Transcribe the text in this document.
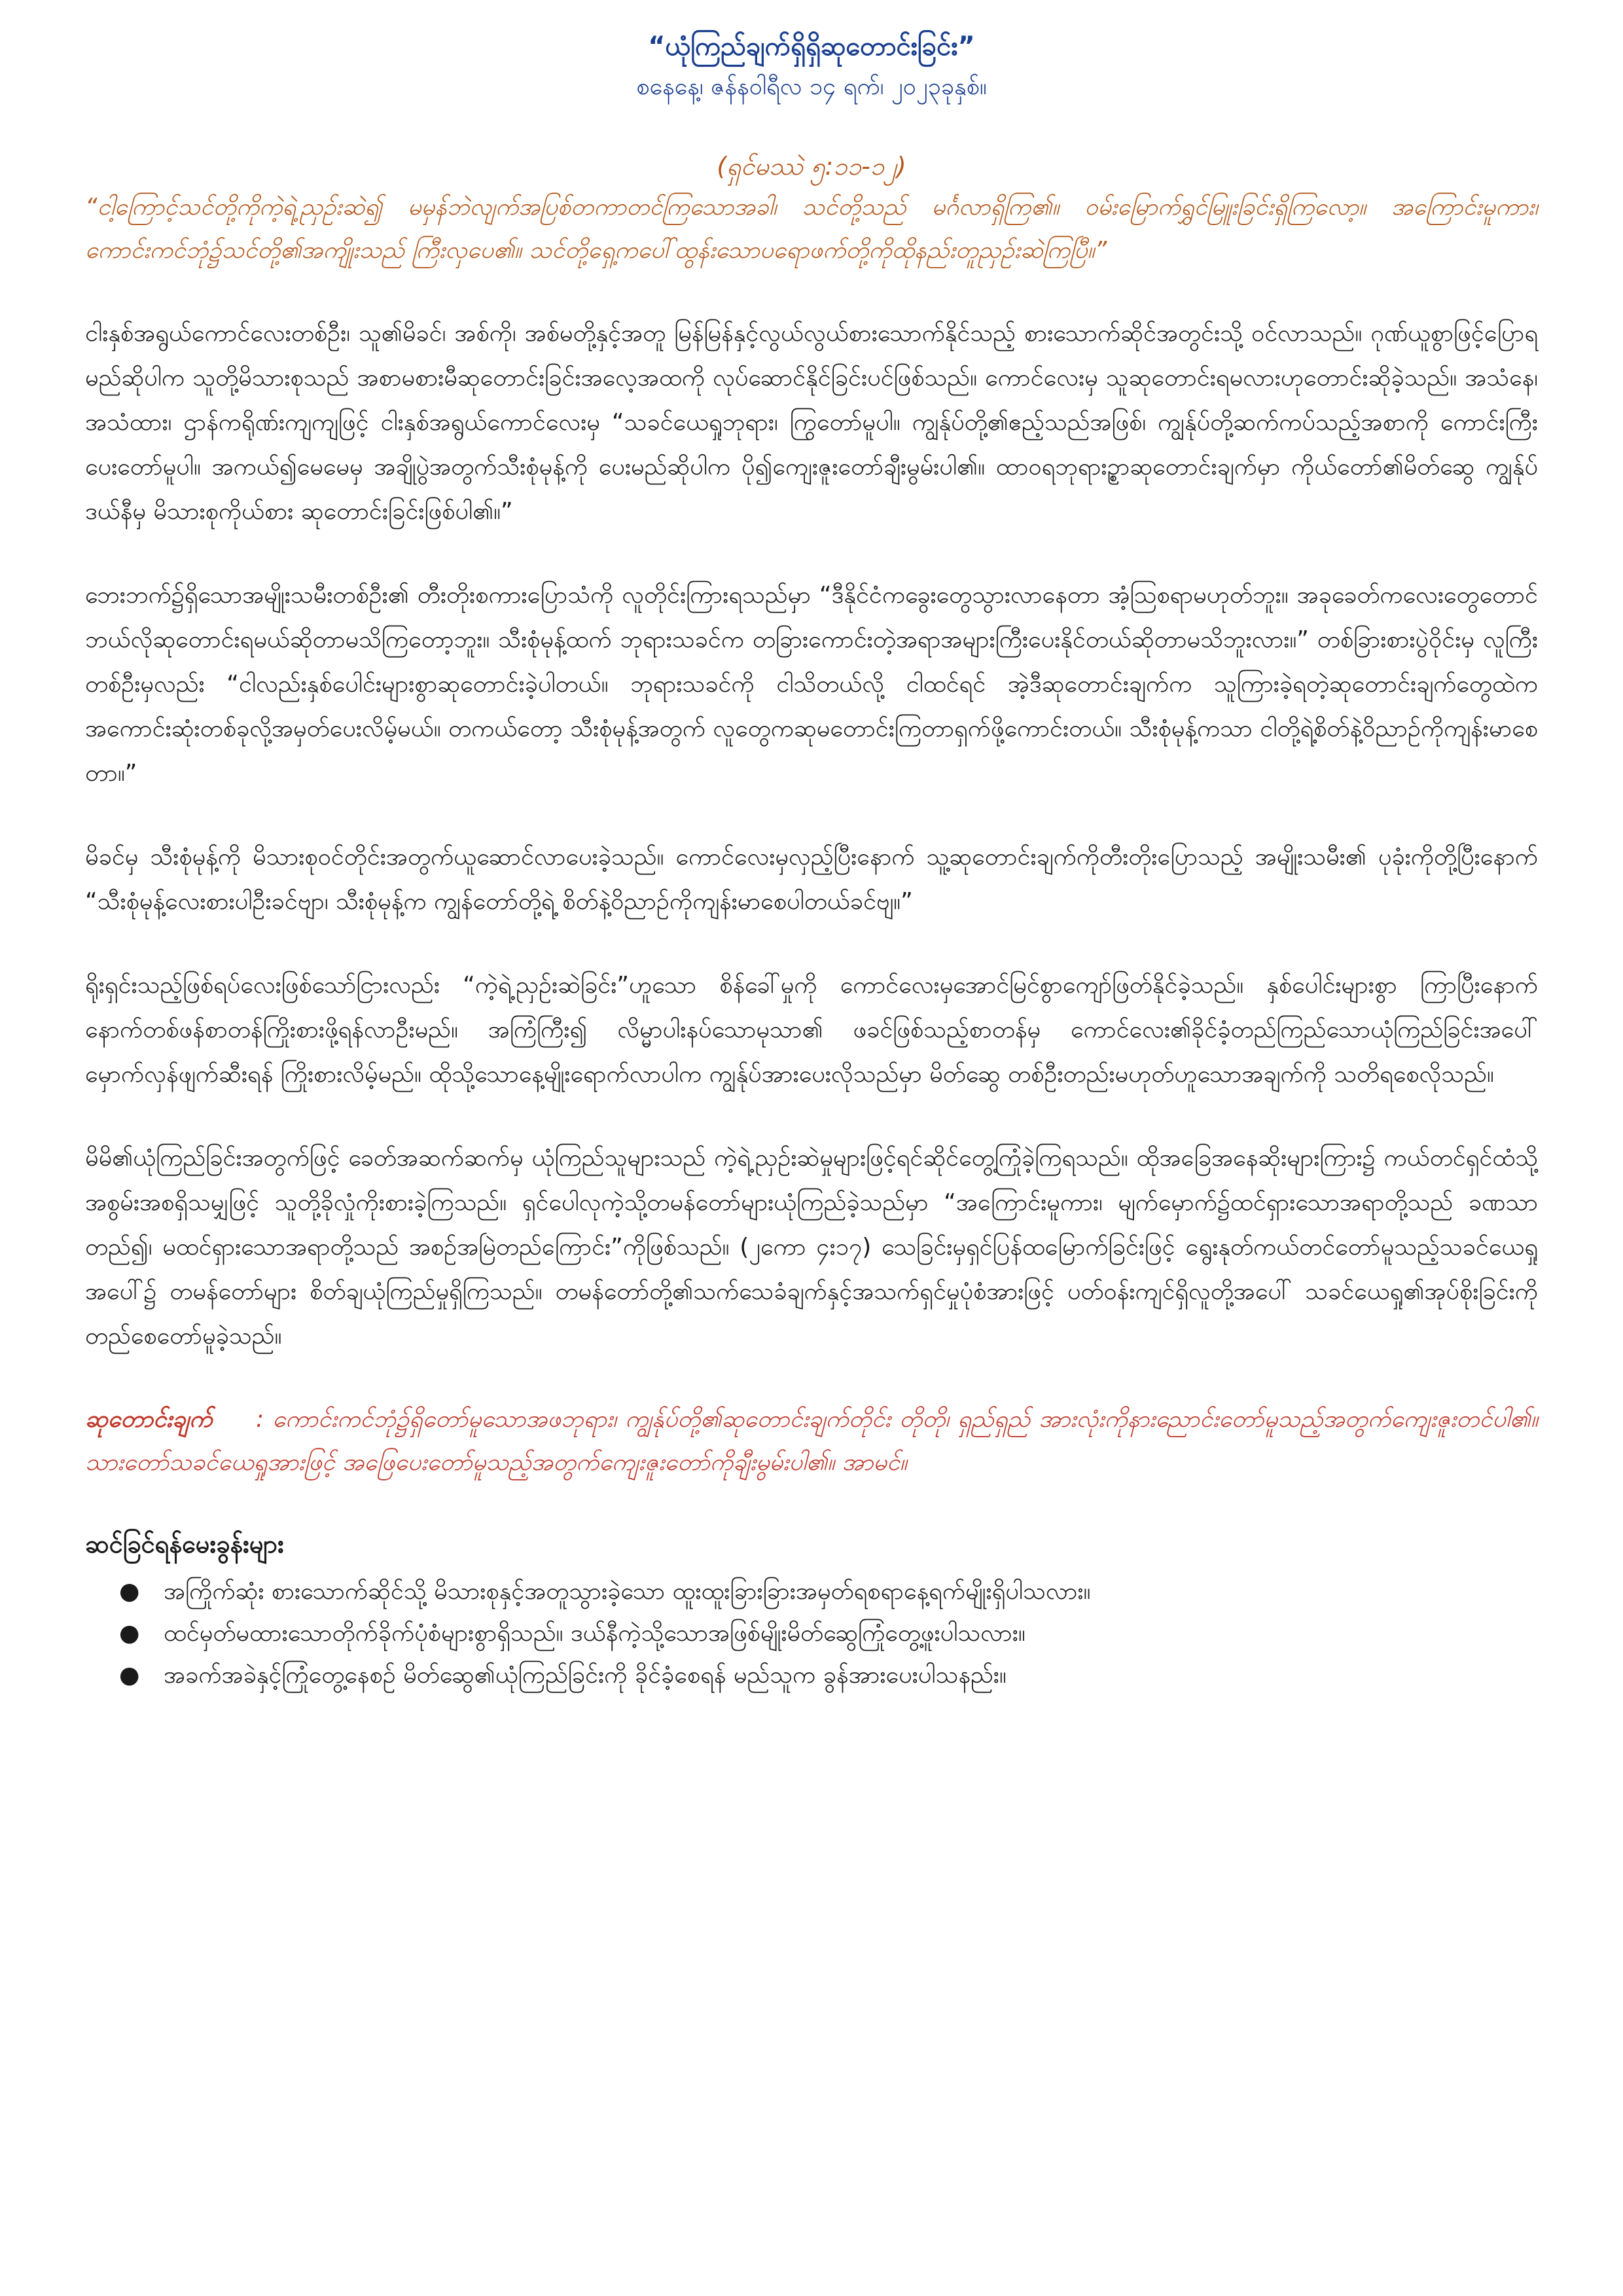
“ယုံကြည်ချက်ရှိရှိဆုတောင်းခြင်း”

စနေနေ့၊ ဇန်နဝါရီလ ၁၄ ရက်၊ ၂၀၂၃ခုနှစ်။

(ရှင်မဿဲ ၅:၁၁-၁၂)

“ငါ့ကြောင့်သင်တို့ကိုကဲ့ရဲ့ညှဉ်းဆဲ၍ မမှန်ဘဲလျက်အပြစ်တကာတင်ကြသောအခါ၊ သင်တို့သည် မင်္ဂလာရှိကြ၏။ ဝမ်းမြောက်ရွှင်မြူးခြင်းရှိကြလော့။ အကြောင်းမူကား၊ ကောင်းကင်ဘုံ၌သင်တို့၏အကျိုးသည် ကြီးလှပေ၏။ သင်တို့ရှေ့ကပေါ်ထွန်းသောပရောဖက်တို့ကိုထိုနည်းတူညှဉ်းဆဲကြပြီ။”

ငါးနှစ်အရွယ်ကောင်လေးတစ်ဦး၊ သူ၏မိခင်၊ အစ်ကို၊ အစ်မတို့နှင့်အတူ မြန်မြန်နှင့်လွယ်လွယ်စားသောက်နိုင်သည့် စားသောက်ဆိုင်အတွင်းသို့ ဝင်လာသည်။ ဂုဏ်ယူစွာဖြင့်ပြောရမည်ဆိုပါက သူတို့မိသားစုသည် အစာမစားမီဆုတောင်းခြင်းအလေ့အထကို လုပ်ဆောင်နိုင်ခြင်းပင်ဖြစ်သည်။ ကောင်လေးမှ သူဆုတောင်းရမလားဟုတောင်းဆိုခဲ့သည်။ အသံနေ၊ အသံထား၊ ဌာန်ကရိုဏ်းကျကျဖြင့် ငါးနှစ်အရွယ်ကောင်လေးမှ “သခင်ယေရှုဘုရား၊ ကြွတော်မူပါ။ ကျွန်ုပ်တို့၏ဧည့်သည်အဖြစ်၊ ကျွန်ုပ်တို့ဆက်ကပ်သည့်အစာကို ကောင်းကြီးပေးတော်မူပါ။ အကယ်၍မေမေမှ အချိုပွဲအတွက်သီးစုံမုန့်ကို ပေးမည်ဆိုပါက ပို၍ကျေးဇူးတော်ချီးမွမ်းပါ၏။ ထာဝရဘုရားဥ္စာဆုတောင်းချက်မှာ ကိုယ်တော်၏မိတ်ဆွေ ကျွန်ုပ်ဒယ်နီမှ မိသားစုကိုယ်စား ဆုတောင်းခြင်းဖြစ်ပါ၏။”

ဘေးဘက်၌ရှိသောအမျိုးသမီးတစ်ဦး၏ တီးတိုးစကားပြောသံကို လူတိုင်းကြားရသည်မှာ “ဒီနိုင်ငံကခွေးတွေသွားလာနေတာ အံ့သြစရာမဟုတ်ဘူး။ အခုခေတ်ကလေးတွေတောင် ဘယ်လိုဆုတောင်းရမယ်ဆိုတာမသိကြတော့ဘူး။ သီးစုံမုန့်ထက် ဘုရားသခင်က တခြားကောင်းတဲ့အရာအများကြီးပေးနိုင်တယ်ဆိုတာမသိဘူးလား။” တစ်ခြားစားပွဲဝိုင်းမှ လူကြီးတစ်ဦးမှလည်း “ငါလည်းနှစ်ပေါင်းများစွာဆုတောင်းခဲ့ပါတယ်။ ဘုရားသခင်ကို ငါသိတယ်လို့ ငါထင်ရင် အဲ့ဒီဆုတောင်းချက်က သူကြားခဲ့ရတဲ့ဆုတောင်းချက်တွေထဲက အကောင်းဆုံးတစ်ခုလို့အမှတ်ပေးလိမ့်မယ်။ တကယ်တော့ သီးစုံမုန့်အတွက် လူတွေကဆုမတောင်းကြတာရှက်ဖို့ကောင်းတယ်။ သီးစုံမုန့်ကသာ ငါတို့ရဲ့စိတ်နဲ့ဝိညာဉ်ကိုကျန်းမာစေတာ။”

မိခင်မှ သီးစုံမုန့်ကို မိသားစုဝင်တိုင်းအတွက်ယူဆောင်လာပေးခဲ့သည်။ ကောင်လေးမှလှည့်ပြီးနောက် သူ့ဆုတောင်းချက်ကိုတီးတိုးပြောသည့် အမျိုးသမီး၏ ပုခုံးကိုတို့ပြီးနောက် “သီးစုံမုန့်လေးစားပါဦးခင်ဗျာ၊ သီးစုံမုန့်က ကျွန်တော်တို့ရဲ့ စိတ်နဲ့ဝိညာဉ်ကိုကျန်းမာစေပါတယ်ခင်ဗျ။”

ရိုးရှင်းသည့်ဖြစ်ရပ်လေးဖြစ်သော်ငြားလည်း “ကဲ့ရဲ့ညှဉ်းဆဲခြင်း”ဟူသော စိန်ခေါ်မှုကို ကောင်လေးမှအောင်မြင်စွာကျော်ဖြတ်နိုင်ခဲ့သည်။ နှစ်ပေါင်းများစွာ ကြာပြီးနောက် နောက်တစ်ဖန်စာတန်ကြိုးစားဖို့ရန်လာဦးမည်။ အကြံကြီး၍ လိမ္မာပါးနပ်သောမုသာ၏ ဖခင်ဖြစ်သည့်စာတန်မှ ကောင်လေး၏ခိုင်ခံ့တည်ကြည်သောယုံကြည်ခြင်းအပေါ် မှောက်လှန်ဖျက်ဆီးရန် ကြိုးစားလိမ့်မည်။ ထိုသို့သောနေ့မျိုးရောက်လာပါက ကျွန်ုပ်အားပေးလိုသည်မှာ မိတ်ဆွေ တစ်ဦးတည်းမဟုတ်ဟူသောအချက်ကို သတိရစေလိုသည်။

မိမိ၏ယုံကြည်ခြင်းအတွက်ဖြင့် ခေတ်အဆက်ဆက်မှ ယုံကြည်သူများသည် ကဲ့ရဲ့ညှဉ်းဆဲမှုများဖြင့်ရင်ဆိုင်တွေ့ကြုံခဲ့ကြရသည်။ ထိုအခြေအနေဆိုးများကြား၌ ကယ်တင်ရှင်ထံသို့ အစွမ်းအစရှိသမျှဖြင့် သူတို့ခိုလှုံကိုးစားခဲ့ကြသည်။ ရှင်ပေါလုကဲ့သို့တမန်တော်များယုံကြည်ခဲ့သည်မှာ “အကြောင်းမူကား၊ မျက်မှောက်၌ထင်ရှားသောအရာတို့သည် ခဏသာတည်၍၊ မထင်ရှားသောအရာတို့သည် အစဉ်အမြဲတည်ကြောင်း”ကိုဖြစ်သည်။ (၂ကော ၄း၁၇) သေခြင်းမှရှင်ပြန်ထမြောက်ခြင်းဖြင့် ရွေးနုတ်ကယ်တင်တော်မူသည့်သခင်ယေရှုအပေါ်၌ တမန်တော်များ စိတ်ချယုံကြည်မှုရှိကြသည်။ တမန်တော်တို့၏သက်သေခံချက်နှင့်အသက်ရှင်မှုပုံစံအားဖြင့် ပတ်ဝန်းကျင်ရှိလူတို့အပေါ် သခင်ယေရှု၏အုပ်စိုးခြင်းကို တည်စေတော်မူခဲ့သည်။

ဆုတောင်းချက် : ကောင်းကင်ဘုံ၌ရှိတော်မူသောအဖဘုရား၊ ကျွန်ုပ်တို့၏ဆုတောင်းချက်တိုင်း တိုတို၊ ရှည်ရှည် အားလုံးကိုနားညောင်းတော်မူသည့်အတွက်ကျေးဇူးတင်ပါ၏။ သားတော်သခင်ယေရှုအားဖြင့် အဖြေပေးတော်မူသည့်အတွက်ကျေးဇူးတော်ကိုချီးမွမ်းပါ၏။ အာမင်။

ဆင်ခြင်ရန်မေးခွန်းများ
● အကြိုက်ဆုံး စားသောက်ဆိုင်သို့ မိသားစုနှင့်အတူသွားခဲ့သော ထူးထူးခြားခြားအမှတ်ရစရာနေ့ရက်မျိုးရှိပါသလား။
● ထင်မှတ်မထားသောတိုက်ခိုက်ပုံစံများစွာရှိသည်။ ဒယ်နီကဲ့သို့သောအဖြစ်မျိုးမိတ်ဆွေကြုံတွေ့ဖူးပါသလား။
● အခက်အခဲနှင့်ကြုံတွေ့နေစဉ် မိတ်ဆွေ၏ယုံကြည်ခြင်းကို ခိုင်ခံ့စေရန် မည်သူက ခွန်အားပေးပါသနည်း။
